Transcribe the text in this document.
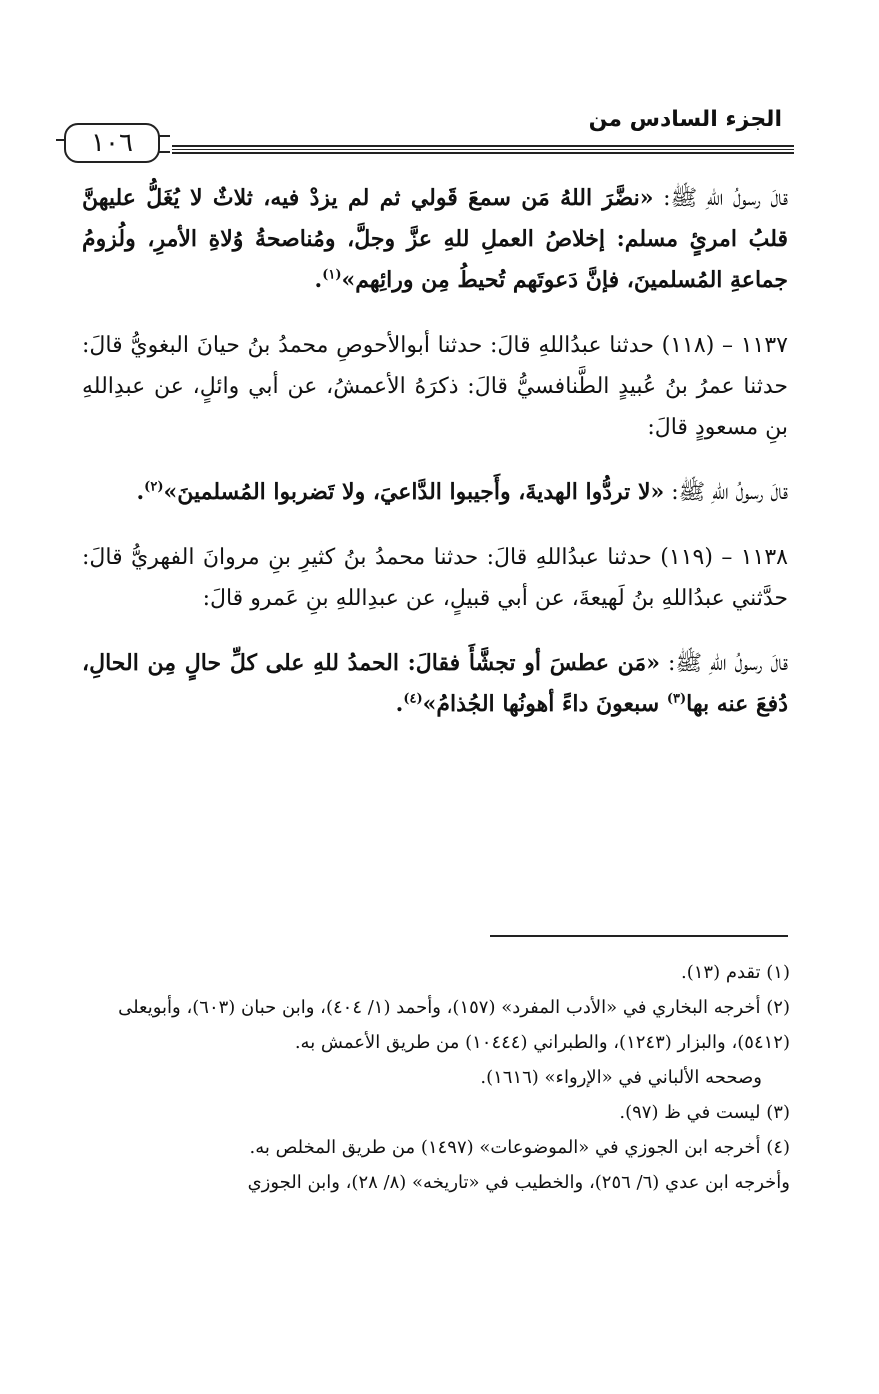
الجزء السادس من
١٠٦

قالَ رسولُ اللهِ ﷺ: «نضَّرَ اللهُ مَن سمعَ قَولي ثم لم يزدْ فيه، ثلاثٌ لا يُغَلُّ عليهنَّ قلبُ امرئٍ مسلم: إخلاصُ العملِ للهِ عزَّ وجلَّ، ومُناصحةُ وُلاةِ الأمرِ، ولُزومُ جماعةِ المُسلمينَ، فإنَّ دَعوتَهم تُحيطُ مِن ورائِهم»$^{(١)}$.

١١٣٧ – (١١٨) حدثنا عبدُاللهِ قالَ: حدثنا أبوالأحوصِ محمدُ بنُ حيانَ البغويُّ قالَ: حدثنا عمرُ بنُ عُبيدٍ الطَّنافسيُّ قالَ: ذكرَهُ الأعمشُ، عن أبي وائلٍ، عن عبدِاللهِ بنِ مسعودٍ قالَ:

قالَ رسولُ اللهِ ﷺ: «لا تردُّوا الهديةَ، وأَجيبوا الدَّاعيَ، ولا تَضربوا المُسلمينَ»$^{(٢)}$.

١١٣٨ – (١١٩) حدثنا عبدُاللهِ قالَ: حدثنا محمدُ بنُ كثيرِ بنِ مروانَ الفهريُّ قالَ: حدَّثني عبدُاللهِ بنُ لَهيعةَ، عن أبي قبيلٍ، عن عبدِاللهِ بنِ عَمرو قالَ:

قالَ رسولُ اللهِ ﷺ: «مَن عطسَ أو تجشَّأَ فقالَ: الحمدُ للهِ على كلِّ حالٍ مِن الحالِ، دُفعَ عنه بها$^{(٣)}$ سبعونَ داءً أهونُها الجُذامُ»$^{(٤)}$.

(١) تقدم (١٣).

(٢) أخرجه البخاري في «الأدب المفرد» (١٥٧)، وأحمد (١/ ٤٠٤)، وابن حبان (٦٠٣)، وأبويعلى (٥٤١٢)، والبزار (١٢٤٣)، والطبراني (١٠٤٤٤) من طريق الأعمش به.

وصححه الألباني في «الإرواء» (١٦١٦).

(٣) ليست في ظ (٩٧).

(٤) أخرجه ابن الجوزي في «الموضوعات» (١٤٩٧) من طريق المخلص به.

وأخرجه ابن عدي (٦/ ٢٥٦)، والخطيب في «تاريخه» (٨/ ٢٨)، وابن الجوزي
